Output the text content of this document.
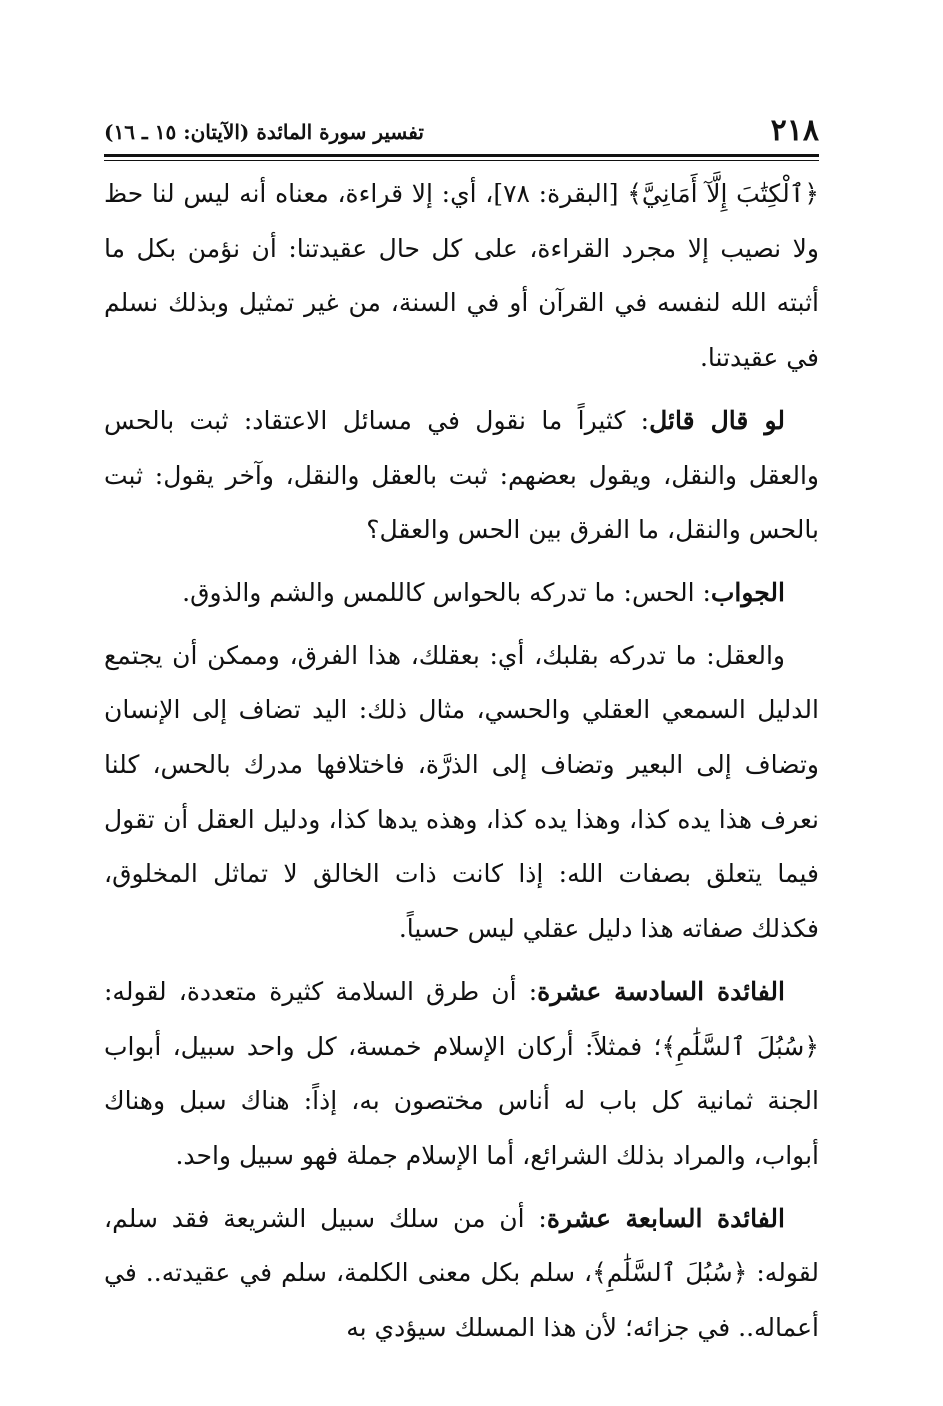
٢١٨
تفسير سورة المائدة (الآيتان: ١٥ ـ ١٦)

﴿ٱلْكِتَٰبَ إِلَّآ أَمَانِيَّ﴾ [البقرة: ٧٨]، أي: إلا قراءة، معناه أنه ليس لنا حظ ولا نصيب إلا مجرد القراءة، على كل حال عقيدتنا: أن نؤمن بكل ما أثبته الله لنفسه في القرآن أو في السنة، من غير تمثيل وبذلك نسلم في عقيدتنا.

لو قال قائل: كثيراً ما نقول في مسائل الاعتقاد: ثبت بالحس والعقل والنقل، ويقول بعضهم: ثبت بالعقل والنقل، وآخر يقول: ثبت بالحس والنقل، ما الفرق بين الحس والعقل؟

الجواب: الحس: ما تدركه بالحواس كاللمس والشم والذوق.

والعقل: ما تدركه بقلبك، أي: بعقلك، هذا الفرق، وممكن أن يجتمع الدليل السمعي العقلي والحسي، مثال ذلك: اليد تضاف إلى الإنسان وتضاف إلى البعير وتضاف إلى الذرَّة، فاختلافها مدرك بالحس، كلنا نعرف هذا يده كذا، وهذا يده كذا، وهذه يدها كذا، ودليل العقل أن تقول فيما يتعلق بصفات الله: إذا كانت ذات الخالق لا تماثل المخلوق، فكذلك صفاته هذا دليل عقلي ليس حسياً.

الفائدة السادسة عشرة: أن طرق السلامة كثيرة متعددة، لقوله: ﴿سُبُلَ ٱلسَّلَٰمِ﴾؛ فمثلاً: أركان الإسلام خمسة، كل واحد سبيل، أبواب الجنة ثمانية كل باب له أناس مختصون به، إذاً: هناك سبل وهناك أبواب، والمراد بذلك الشرائع، أما الإسلام جملة فهو سبيل واحد.

الفائدة السابعة عشرة: أن من سلك سبيل الشريعة فقد سلم، لقوله: ﴿سُبُلَ ٱلسَّلَٰمِ﴾، سلم بكل معنى الكلمة، سلم في عقيدته.. في أعماله.. في جزائه؛ لأن هذا المسلك سيؤدي به
